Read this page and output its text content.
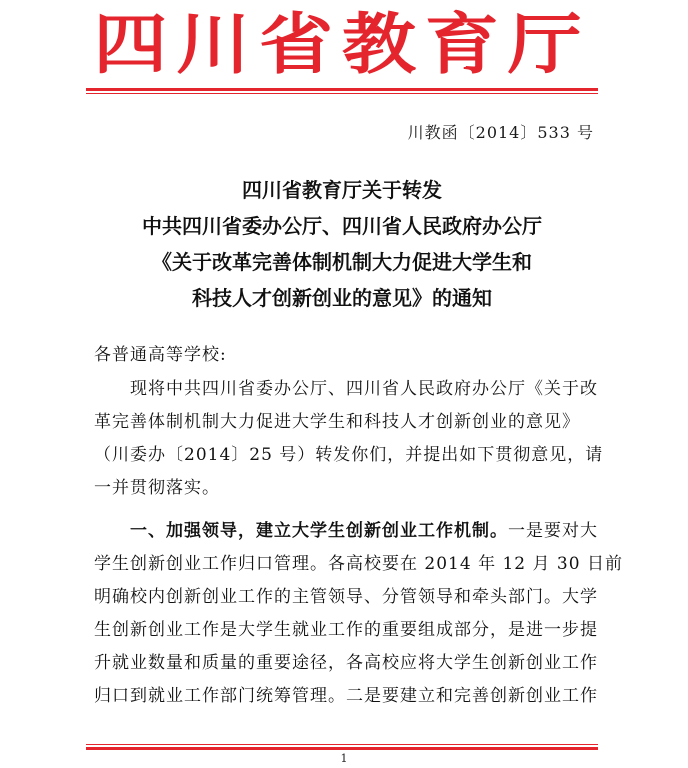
四川省教育厅
川教函〔2014〕533 号
四川省教育厅关于转发
中共四川省委办公厅、四川省人民政府办公厅
《关于改革完善体制机制大力促进大学生和
科技人才创新创业的意见》的通知
各普通高等学校:
　　现将中共四川省委办公厅、四川省人民政府办公厅《关于改
革完善体制机制大力促进大学生和科技人才创新创业的意见》
（川委办〔2014〕25 号）转发你们，并提出如下贯彻意见，请
一并贯彻落实。
　　一、加强领导，建立大学生创新创业工作机制。一是要对大
学生创新创业工作归口管理。各高校要在 2014 年 12 月 30 日前
明确校内创新创业工作的主管领导、分管领导和牵头部门。大学
生创新创业工作是大学生就业工作的重要组成部分，是进一步提
升就业数量和质量的重要途径，各高校应将大学生创新创业工作
归口到就业工作部门统筹管理。二是要建立和完善创新创业工作
1
